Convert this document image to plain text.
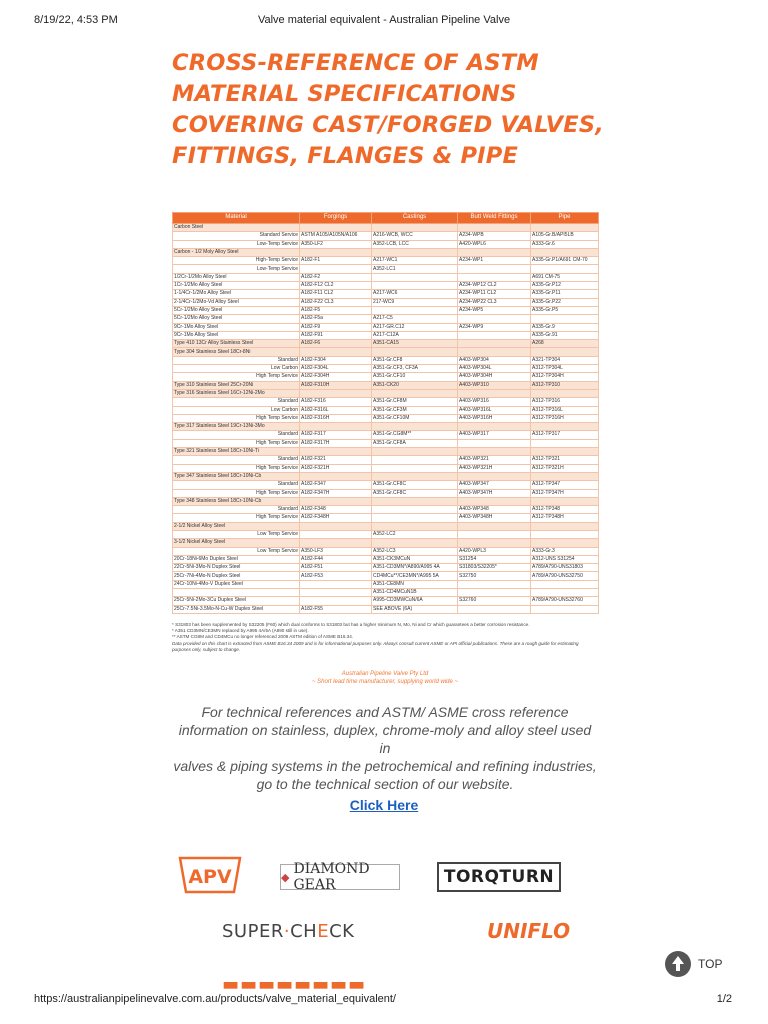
8/19/22, 4:53 PM	Valve material equivalent - Australian Pipeline Valve
CROSS-REFERENCE OF ASTM MATERIAL SPECIFICATIONS COVERING CAST/FORGED VALVES, FITTINGS, FLANGES & PIPE
Material	Forgings	Castings	Butt Weld Fittings	Pipe
Carbon Steel				
Standard Service	ASTM A105/A105N/A106	A216-WCB, WCC	A234-WPB	A105-Gr.B/API5LB
Low-Temp Service	A350-LF2	A352-LCB, LCC	A420-WPL6	A333-Gr.6
Carbon - 1/2 Moly Alloy Steel				
High-Temp Service	A182-F1	A217-WC1	A234-WP1	A335-Gr.P1/A691 CM-70
Low-Temp Service		A352-LC1		
1/2Cr-1/2Mo Alloy Steel	A182-F2			A691 CM-75
1Cr-1/2Mo Alloy Steel	A182-F12 CL2		A234-WP12 CL2	A335-Gr.P12
1-1/4Cr-1/2Mo Alloy Steel	A182-F11 CL2	A217-WC6	A234-WP11 CL2	A335-Gr.P11
2-1/4Cr-1/2Mo-Vd Alloy Steel	A182-F22 CL3	217-WC9	A234-WP22 CL3	A335-Gr.P22
5Cr-1/2Mo Alloy Steel	A182-F5		A234-WP5	A335-Gr.P5
5Cr-1/2Mo Alloy Steel	A182-F5a	A217-C5		
9Cr-1Mo Alloy Steel	A182-F9	A217-GR.C12	A234-WP9	A335-Gr.9
9Cr-1Mo Alloy Steel	A182-F91	A217-C12A		A335-Gr.91
Type 410 13Cr Alloy Stainless Steel	A182-F6	A351-CA15		A268
Type 304 Stainless Steel 18Cr-8Ni				
Standard	A182-F304	A351-Gr.CF8	A403-WP304	A321-TP304
Low Carbon	A182-F304L	A351-Gr.CF3, CF3A	A403-WP304L	A312-TP304L
High Temp Service	A182-F304H	A351-Gr.CF10	A403-WP304H	A312-TP304H
Type 310 Stainless Steel 25Cr-20Ni	A182-F310H	A351-CK20	A403-WP310	A312-TP310
Type 316 Stainless Steel 16Cr-12Ni-2Mo				
Standard	A182-F316	A351-Gr.CF8M	A403-WP316	A312-TP316
Low Carbon	A182-F316L	A351-Gr.CF3M	A403-WP316L	A312-TP316L
High Temp Service	A182-F316H	A351-Gr.CF10M	A403-WP316H	A312-TP316H
Type 317 Stainless Steel 19Cr-13Ni-3Mo				
Standard	A182-F317	A351-Gr.CG8M**	A403-WP317	A312-TP317
High Temp Service	A182-F317H	A351-Gr.CF8A		
Type 321 Stainless Steel 18Cr-10Ni-Ti				
Standard	A182-F321		A403-WP321	A312-TP321
High Temp Service	A182-F321H		A403-WP321H	A312-TP321H
Type 347 Stainless Steel 18Cr-10Ni-Cb				
Standard	A182-F347	A351-Gr.CF8C	A403-WP347	A312-TP347
High Temp Service	A182-F347H	A351-Gr.CF8C	A403-WP347H	A312-TP347H
Type 348 Stainless Steel 18Cr-10Ni-Cb				
Standard	A182-F348		A403-WP348	A312-TP348
High Temp Service	A182-F348H		A403-WP348H	A312-TP348H
2-1/2 Nickel Alloy Steel				
Low Temp Service		A352-LC2		
3-1/2 Nickel Alloy Steel				
Low Temp Service	A350-LF3	A352-LC3	A420-WPL3	A333-Gr.3
20Cr-18Ni-6Mo Duplex Steel	A182-F44	A351-CK3MCuN	S31254	A312-UNS S31254
22Cr-5Ni-3Mo-N Duplex Steel	A182-F51	A351-CD3MN*/A890/A995 4A	S31803/S32205*	A789/A790-UNS31803
25Cr-7Ni-4Mo-N Duplex Steel	A182-F53	CD4MCu**/CE3MN*/A995 5A	S32750	A789/A790-UNS32750
24Cr-10Ni-4Mo-V Duplex Steel		A351-CE8MN		
		A351-CD4MCuN1B		
25Cr-5Ni-2Mo-3Cu Duplex Steel		A995-CD3MWCuN/6A	S32760	A789/A790-UNS32760
25Cr-7.5Ni-3.5Mo-N-Cu-W Duplex Steel	A182-F55	SEE ABOVE (6A)		
* S31803 has been supplemented by S32205 (F60) which dual conforms to S31803 but has a higher minimum N, Mo, Ni and Cr which guarantees a better corrosion resistance.
* A351 CD3MN/CE3MN replaced by A995 4A/5A (A890 still in use).
** ASTM CG8M and CD4MCu no longer referenced 2009 ASTM edition of ASME B16.34.
Data provided on this chart is extracted from ASME B16.34 2009 and is for informational purposes only. Always consult current ASME or API official publications. These are a rough guide for estimating purposes only, subject to change.
Australian Pipeline Valve Pty Ltd
~ Short lead time manufacturer, supplying world wide ~
For technical references and ASTM/ ASME cross reference information on stainless, duplex, chrome-moly and alloy steel used in
valves & piping systems in the petrochemical and refining industries, go to the technical section of our website.
Click Here
APV	◆ DIAMOND GEAR	TORQTURN
SUPER·CHECK	UNIFLO
▬▬▬▬▬▬▬▬
TOP
https://australianpipelinevalve.com.au/products/valve_material_equivalent/	1/2
